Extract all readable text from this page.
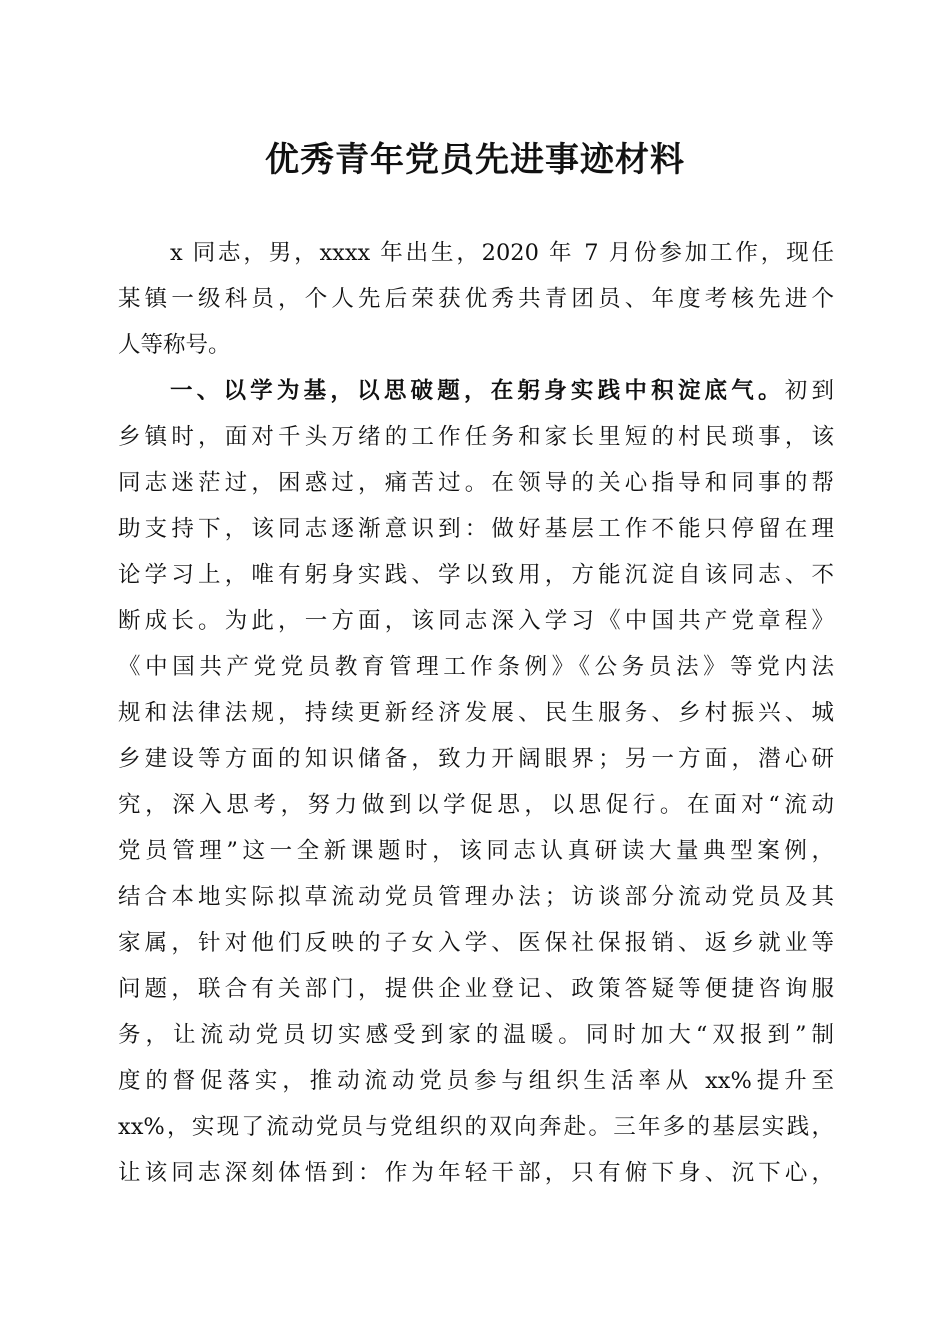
优秀青年党员先进事迹材料
x 同志，男，xxxx 年出生，2020 年 7 月份参加工作，现任
某镇一级科员，个人先后荣获优秀共青团员、年度考核先进个
人等称号。
一、以学为基，以思破题，在躬身实践中积淀底气。初到
乡镇时，面对千头万绪的工作任务和家长里短的村民琐事，该
同志迷茫过，困惑过，痛苦过。在领导的关心指导和同事的帮
助支持下，该同志逐渐意识到：做好基层工作不能只停留在理
论学习上，唯有躬身实践、学以致用，方能沉淀自该同志、不
断成长。为此，一方面，该同志深入学习《中国共产党章程》
《中国共产党党员教育管理工作条例》《公务员法》等党内法
规和法律法规，持续更新经济发展、民生服务、乡村振兴、城
乡建设等方面的知识储备，致力开阔眼界；另一方面，潜心研
究，深入思考，努力做到以学促思，以思促行。在面对“流动
党员管理”这一全新课题时，该同志认真研读大量典型案例，
结合本地实际拟草流动党员管理办法；访谈部分流动党员及其
家属，针对他们反映的子女入学、医保社保报销、返乡就业等
问题，联合有关部门，提供企业登记、政策答疑等便捷咨询服
务，让流动党员切实感受到家的温暖。同时加大“双报到”制
度的督促落实，推动流动党员参与组织生活率从 xx%提升至
xx%，实现了流动党员与党组织的双向奔赴。三年多的基层实践，
让该同志深刻体悟到：作为年轻干部，只有俯下身、沉下心，
